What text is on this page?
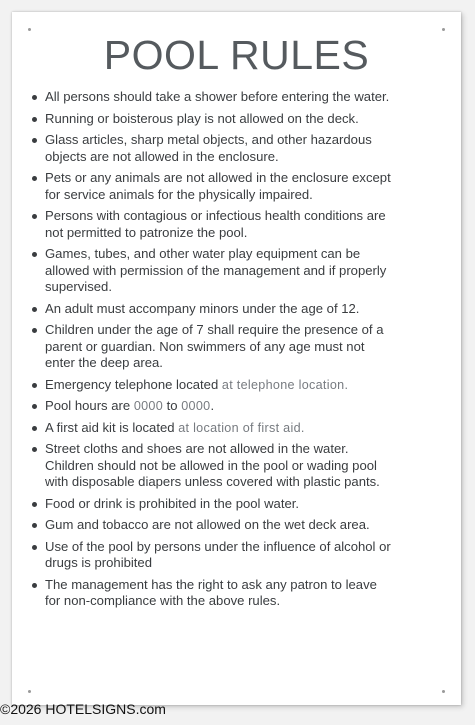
POOL RULES
All persons should take a shower before entering the water.
Running or boisterous play is not allowed on the deck.
Glass articles, sharp metal objects, and other hazardous objects are not allowed in the enclosure.
Pets or any animals are not allowed in the enclosure except for service animals for the physically impaired.
Persons with contagious or infectious health conditions are not permitted to patronize the pool.
Games, tubes, and other water play equipment can be allowed with permission of the management and if properly supervised.
An adult must accompany minors under the age of 12.
Children under the age of 7 shall require the presence of a parent or guardian. Non swimmers of any age must not enter the deep area.
Emergency telephone located at telephone location.
Pool hours are 0000 to 0000.
A first aid kit is located at location of first aid.
Street cloths and shoes are not allowed in the water. Children should not be allowed in the pool or wading pool with disposable diapers unless covered with plastic pants.
Food or drink is prohibited in the pool water.
Gum and tobacco are not allowed on the wet deck area.
Use of the pool by persons under the influence of alcohol or drugs is prohibited
The management has the right to ask any patron to leave for non-compliance with the above rules.
©2026 HOTELSIGNS.com
